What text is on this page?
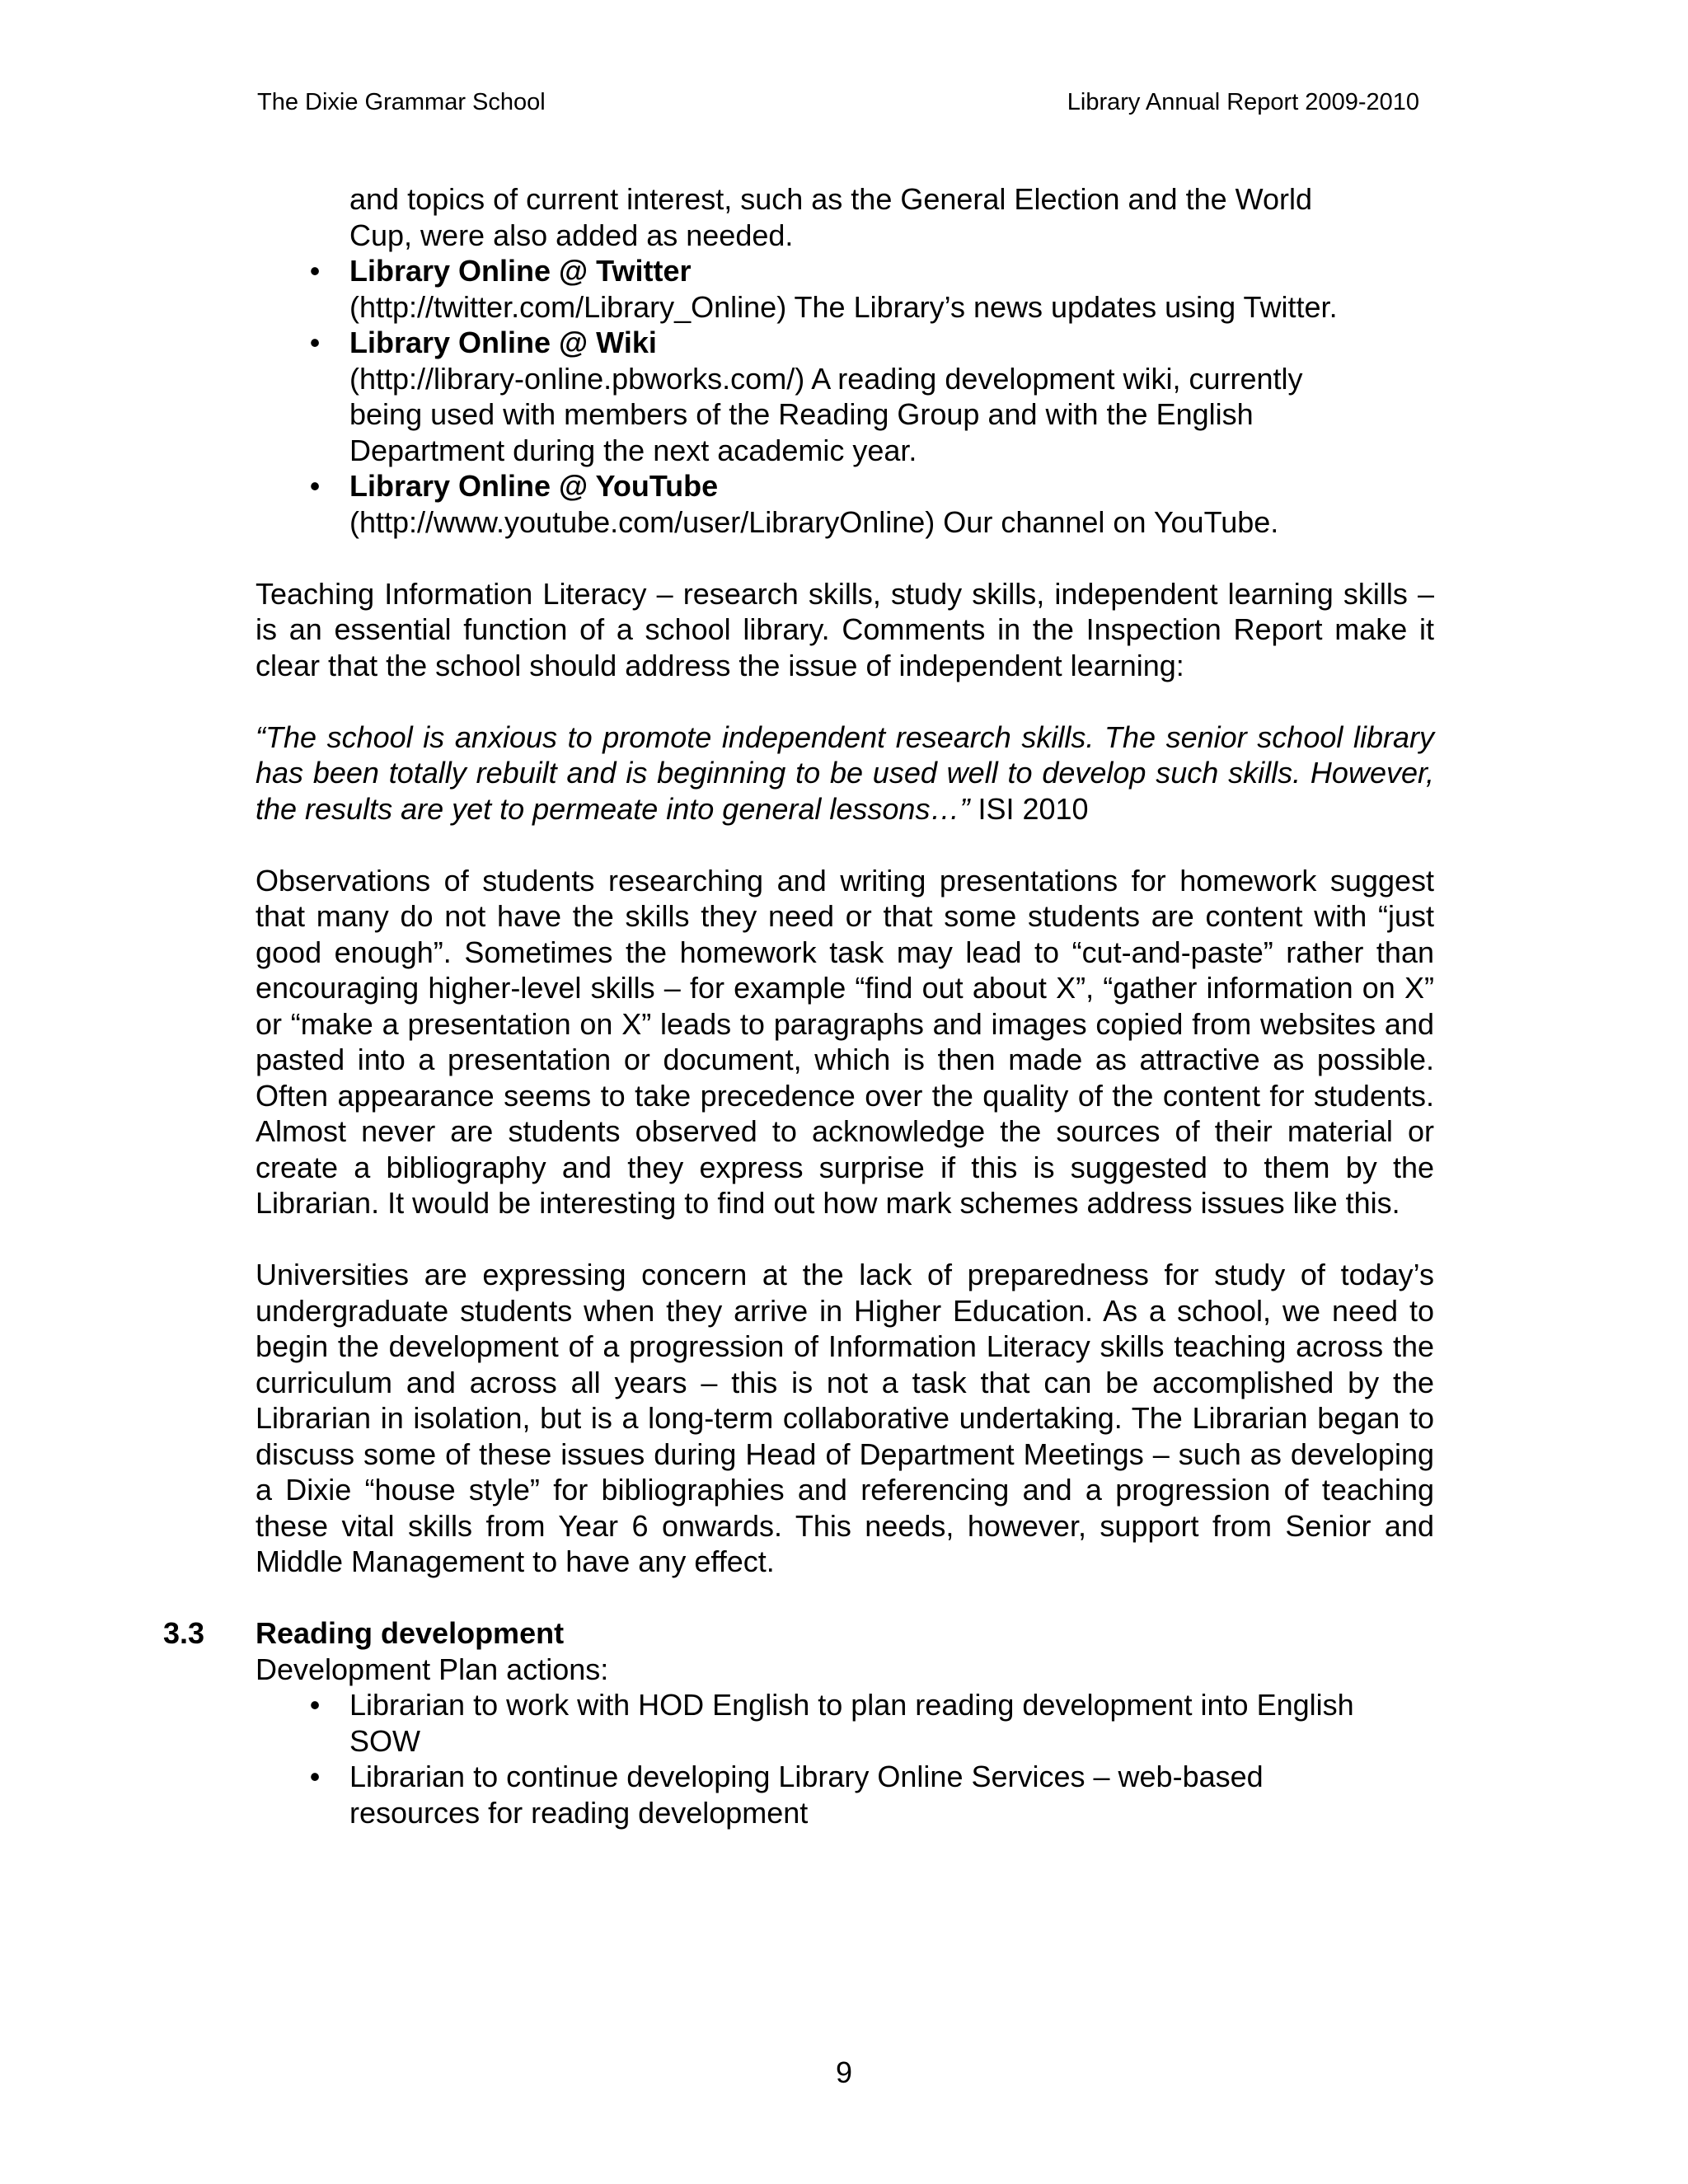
The Dixie Grammar School	Library Annual Report 2009-2010
and topics of current interest, such as the General Election and the World
Cup, were also added as needed.
• Library Online @ Twitter
(http://twitter.com/Library_Online) The Library’s news updates using Twitter.
• Library Online @ Wiki
(http://library-online.pbworks.com/) A reading development wiki, currently
being used with members of the Reading Group and with the English
Department during the next academic year.
• Library Online @ YouTube
(http://www.youtube.com/user/LibraryOnline) Our channel on YouTube.

Teaching Information Literacy – research skills, study skills, independent learning skills – is an essential function of a school library. Comments in the Inspection Report make it clear that the school should address the issue of independent learning:

“The school is anxious to promote independent research skills. The senior school library has been totally rebuilt and is beginning to be used well to develop such skills. However, the results are yet to permeate into general lessons…” ISI 2010

Observations of students researching and writing presentations for homework suggest that many do not have the skills they need or that some students are content with “just good enough”. Sometimes the homework task may lead to “cut-and-paste” rather than encouraging higher-level skills – for example “find out about X”, “gather information on X” or “make a presentation on X” leads to paragraphs and images copied from websites and pasted into a presentation or document, which is then made as attractive as possible. Often appearance seems to take precedence over the quality of the content for students. Almost never are students observed to acknowledge the sources of their material or create a bibliography and they express surprise if this is suggested to them by the Librarian. It would be interesting to find out how mark schemes address issues like this.

Universities are expressing concern at the lack of preparedness for study of today’s undergraduate students when they arrive in Higher Education. As a school, we need to begin the development of a progression of Information Literacy skills teaching across the curriculum and across all years – this is not a task that can be accomplished by the Librarian in isolation, but is a long-term collaborative undertaking. The Librarian began to discuss some of these issues during Head of Department Meetings – such as developing a Dixie “house style” for bibliographies and referencing and a progression of teaching these vital skills from Year 6 onwards. This needs, however, support from Senior and Middle Management to have any effect.

3.3 Reading development
Development Plan actions:
• Librarian to work with HOD English to plan reading development into English
SOW
• Librarian to continue developing Library Online Services – web-based
resources for reading development
9
